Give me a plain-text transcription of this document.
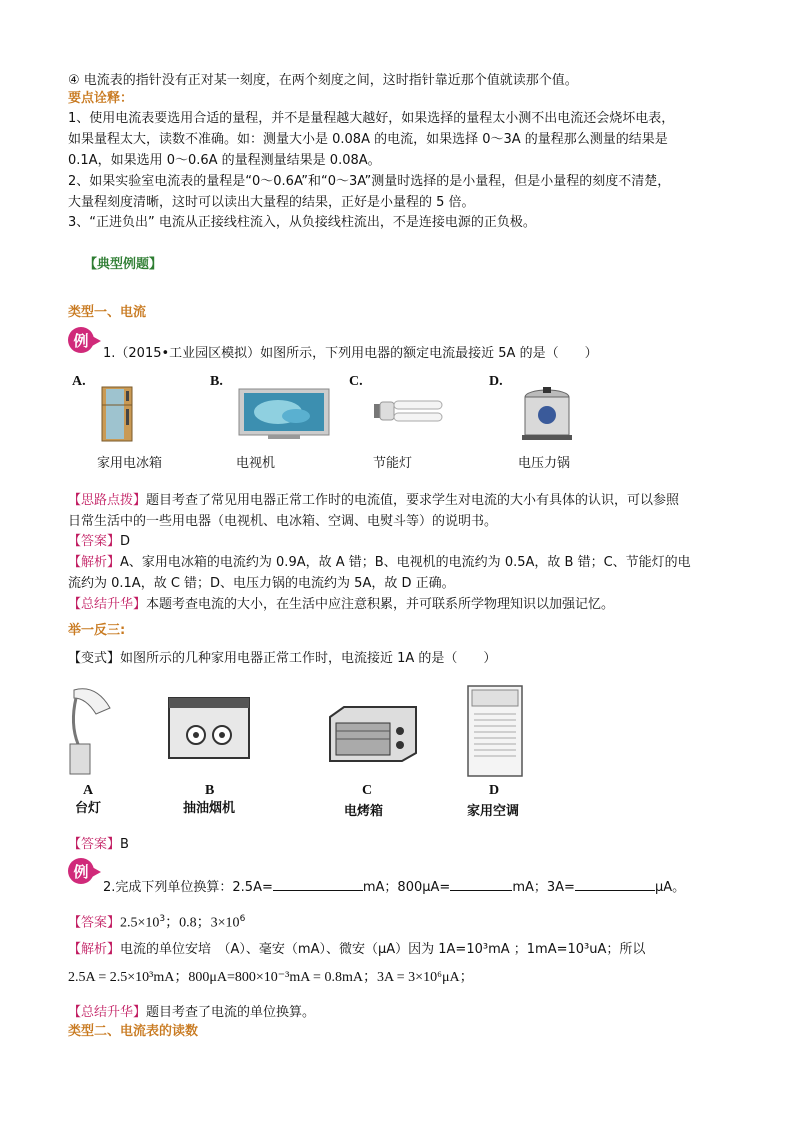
④ 电流表的指针没有正对某一刻度，在两个刻度之间，这时指针靠近那个值就读那个值。
要点诠释：
1、使用电流表要选用合适的量程，并不是量程越大越好，如果选择的量程太小测不出电流还会烧坏电表，
如果量程太大，读数不准确。如：测量大小是 0.08A 的电流，如果选择 0～3A 的量程那么测量的结果是
0.1A，如果选用 0～0.6A 的量程测量结果是 0.08A。
2、如果实验室电流表的量程是“0～0.6A”和“0～3A”测量时选择的是小量程，但是小量程的刻度不清楚，
大量程刻度清晰，这时可以读出大量程的结果，正好是小量程的 5 倍。
3、“正进负出” 电流从正接线柱流入，从负接线柱流出，不是连接电源的正负极。
【典型例题】
类型一、电流
例
1.（2015•工业园区模拟）如图所示，下列用电器的额定电流最接近 5A 的是（　　）
A.	B.	C.	D.
家用电冰箱	电视机	节能灯	电压力锅
【思路点拨】题目考查了常见用电器正常工作时的电流值，要求学生对电流的大小有具体的认识，可以参照
日常生活中的一些用电器（电视机、电冰箱、空调、电熨斗等）的说明书。
【答案】D
【解析】A、家用电冰箱的电流约为 0.9A，故 A 错；B、电视机的电流约为 0.5A，故 B 错；C、节能灯的电
流约为 0.1A，故 C 错；D、电压力锅的电流约为 5A，故 D 正确。
【总结升华】本题考查电流的大小，在生活中应注意积累，并可联系所学物理知识以加强记忆。
举一反三:
【变式】如图所示的几种家用电器正常工作时，电流接近 1A 的是（　　）
A	B	C	D
台灯	抽油烟机	电烤箱	家用空调
【答案】B
例
2.完成下列单位换算：2.5A=	mA；800μA=	mA；3A=	μA。
【答案】$2.5\times 10^3$；0.8；$3\times 10^6$
【解析】电流的单位安培　（A）、毫安（mA）、微安（μA）因为 1A=10³mA ；1mA=10³uA；所以
2.5A = 2.5×10³mA；800μA=800×10⁻³mA = 0.8mA；3A = 3×10⁶μA；
【总结升华】题目考查了电流的单位换算。
类型二、电流表的读数
